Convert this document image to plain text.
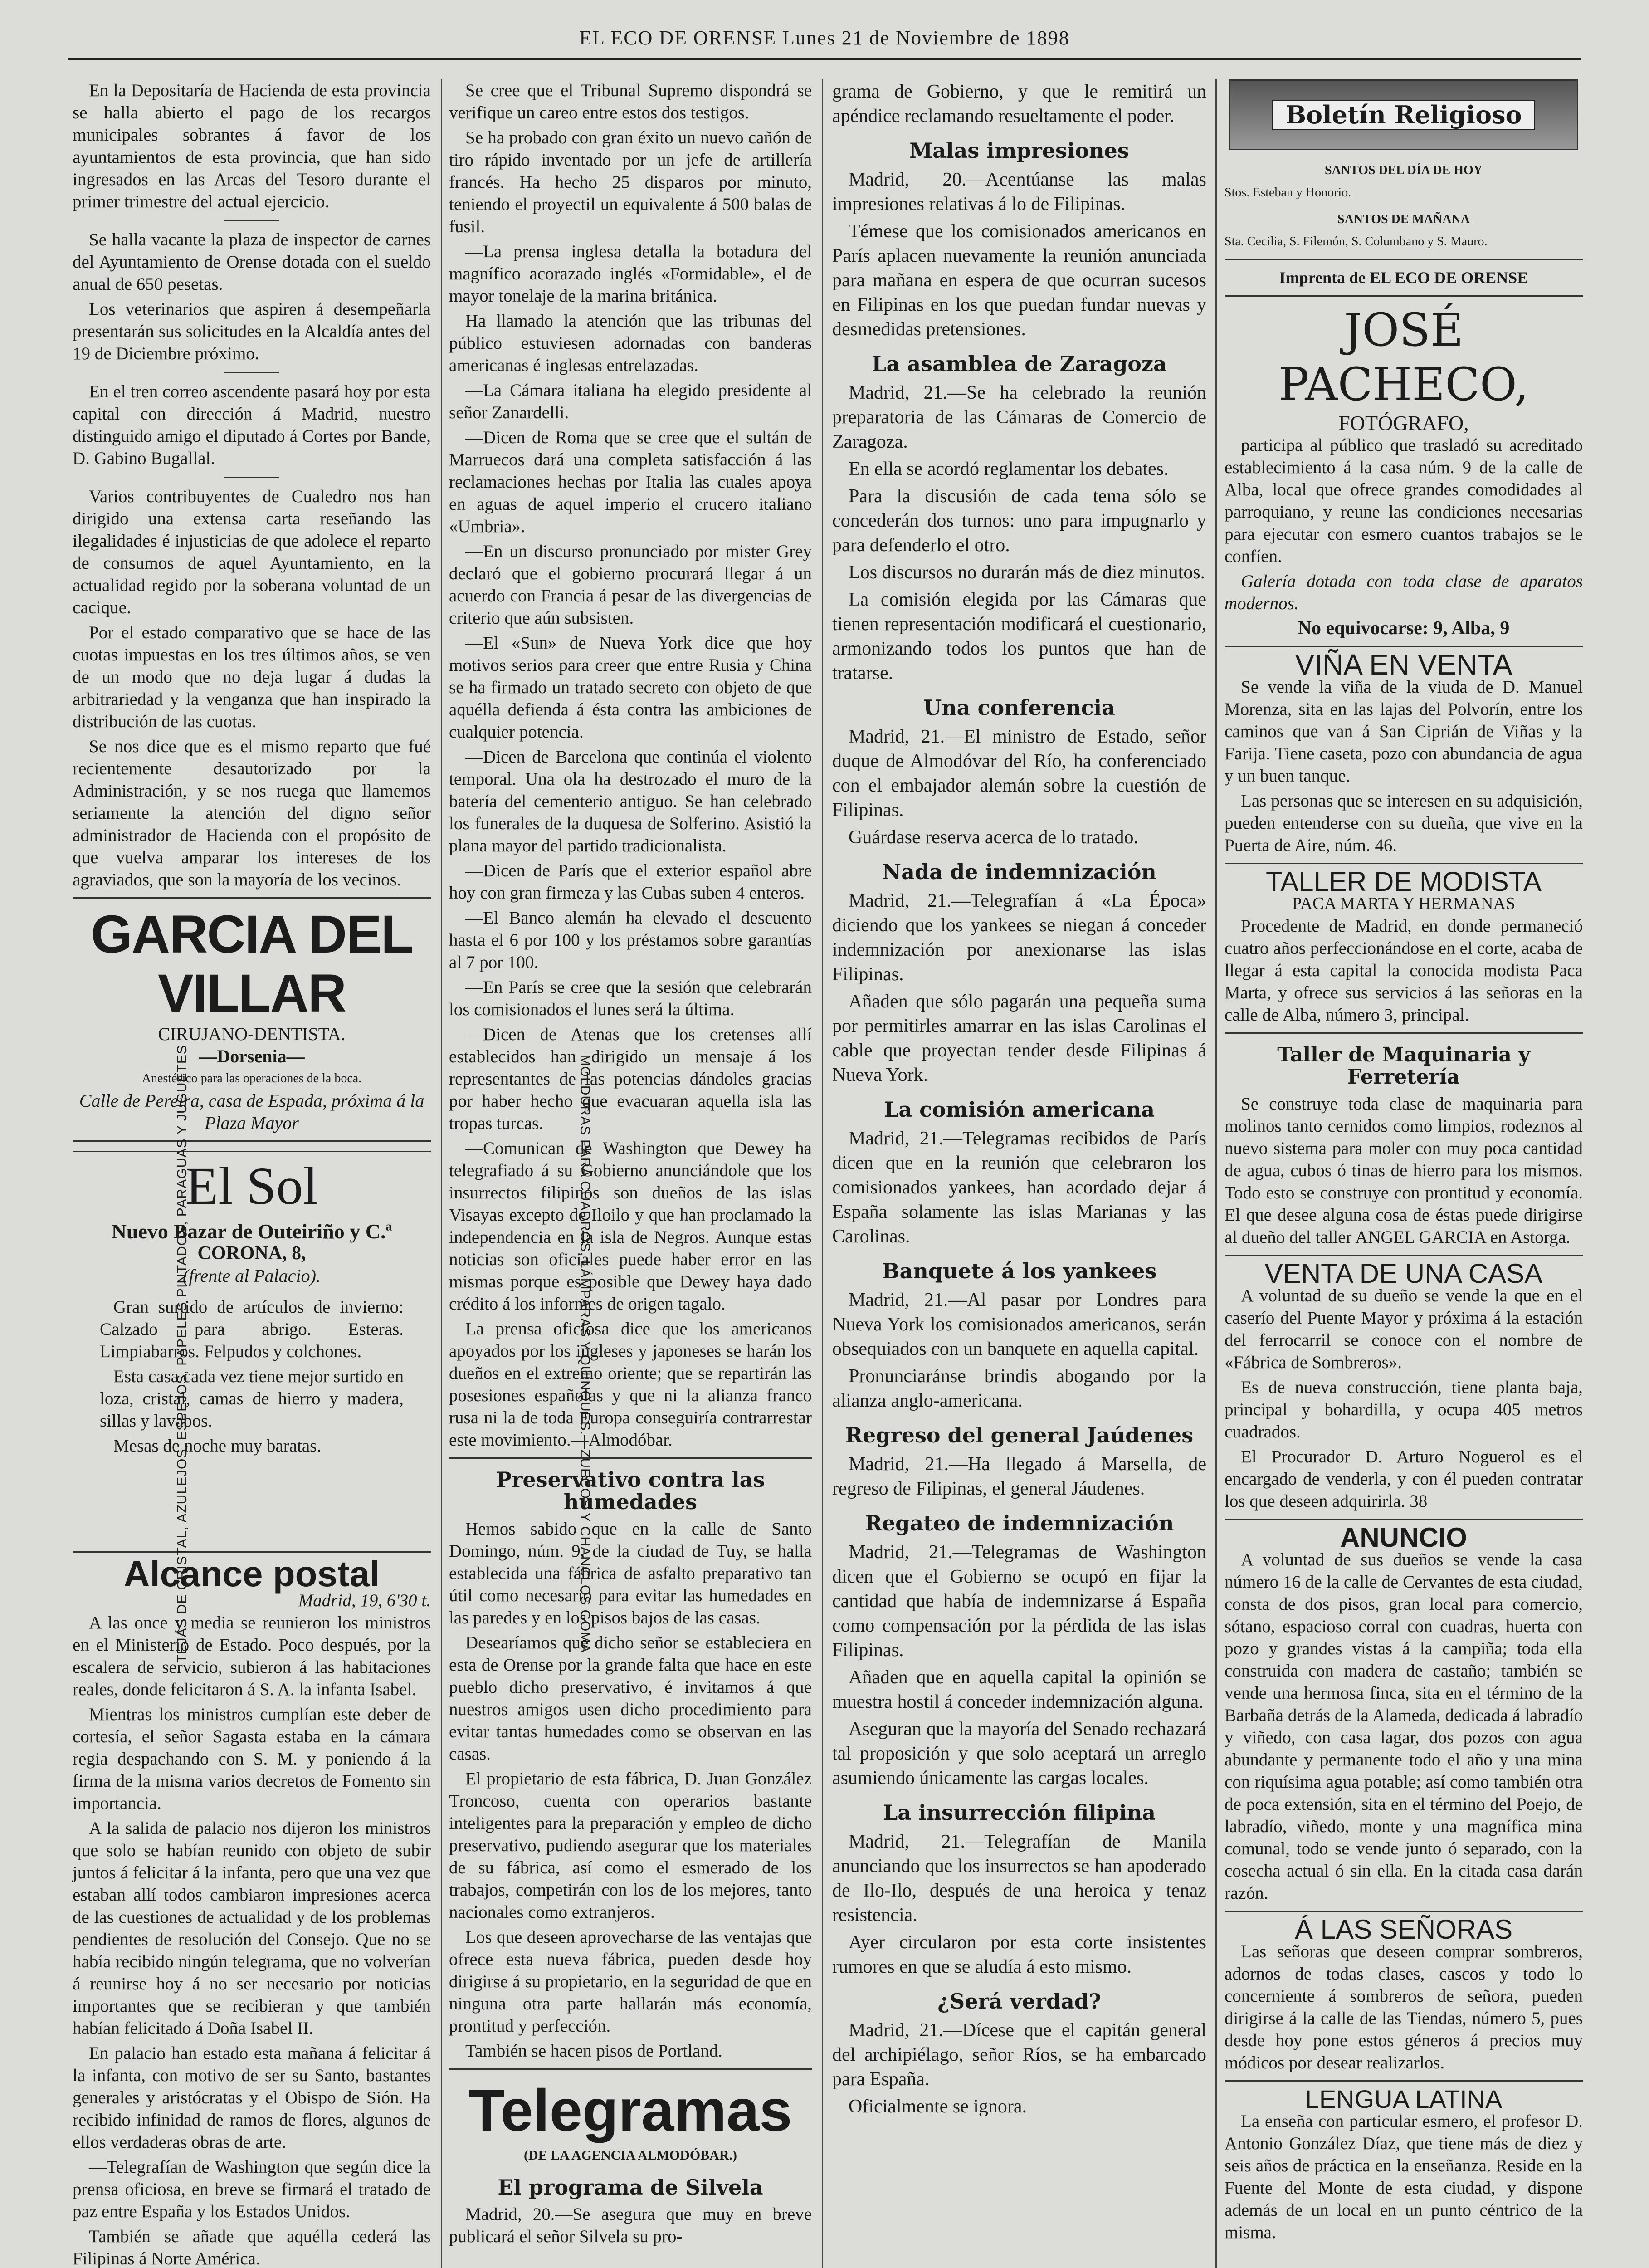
EL ECO DE ORENSE Lunes 21 de Noviembre de 1898

En la Depositaría de Hacienda de esta provincia se halla abierto el pago de los recargos municipales sobrantes á favor de los ayuntamientos de esta provincia, que han sido ingresados en las Arcas del Tesoro durante el primer trimestre del actual ejercicio.

Se halla vacante la plaza de inspector de carnes del Ayuntamiento de Orense dotada con el sueldo anual de 650 pesetas.

Los veterinarios que aspiren á desempeñarla presentarán sus solicitudes en la Alcaldía antes del 19 de Diciembre próximo.

En el tren correo ascendente pasará hoy por esta capital con dirección á Madrid, nuestro distinguido amigo el diputado á Cortes por Bande, D. Gabino Bugallal.

Varios contribuyentes de Cualedro nos han dirigido una extensa carta reseñando las ilegalidades é injusticias de que adolece el reparto de consumos de aquel Ayuntamiento, en la actualidad regido por la soberana voluntad de un cacique.

Por el estado comparativo que se hace de las cuotas impuestas en los tres últimos años, se ven de un modo que no deja lugar á dudas la arbitrariedad y la venganza que han inspirado la distribución de las cuotas.

Se nos dice que es el mismo reparto que fué recientemente desautorizado por la Administración, y se nos ruega que llamemos seriamente la atención del digno señor administrador de Hacienda con el propósito de que vuelva amparar los intereses de los agraviados, que son la mayoría de los vecinos.

GARCIA DEL VILLAR
CIRUJANO-DENTISTA.
—Dorsenia—
Anestésico para las operaciones de la boca.
Calle de Pereira, casa de Espada, próxima á la Plaza Mayor
TEJAS DE CRISTAL, AZULEJOS, ESPEJOS, PAPELES PINTADOS, PARAGUAS Y JUGUETES	MOLDURAS PARA CUADROS, LÁMPARAS Y QUINQUÉS.—ZUECOS Y CHANCLOS GOMA
El Sol
Nuevo Bazar de Outeiriño y C.ª
CORONA, 8,
(frente al Palacio).

Gran surtido de artículos de invierno: Calzado para abrigo. Esteras. Limpiabarros. Felpudos y colchones.

Esta casa cada vez tiene mejor surtido en loza, cristal, camas de hierro y madera, sillas y lavabos.

Mesas de noche muy baratas.

Alcance postal
Madrid, 19, 6'30 t.

A las once y media se reunieron los ministros en el Ministerio de Estado. Poco después, por la escalera de servicio, subieron á las habitaciones reales, donde felicitaron á S. A. la infanta Isabel.

Mientras los ministros cumplían este deber de cortesía, el señor Sagasta estaba en la cámara regia despachando con S. M. y poniendo á la firma de la misma varios decretos de Fomento sin importancia.

A la salida de palacio nos dijeron los ministros que solo se habían reunido con objeto de subir juntos á felicitar á la infanta, pero que una vez que estaban allí todos cambiaron impresiones acerca de las cuestiones de actualidad y de los problemas pendientes de resolución del Consejo. Que no se había recibido ningún telegrama, que no volverían á reunirse hoy á no ser necesario por noticias importantes que se recibieran y que también habían felicitado á Doña Isabel II.

En palacio han estado esta mañana á felicitar á la infanta, con motivo de ser su Santo, bastantes generales y aristócratas y el Obispo de Sión. Ha recibido infinidad de ramos de flores, algunos de ellos verdaderas obras de arte.

—Telegrafían de Washington que según dice la prensa oficiosa, en breve se firmará el tratado de paz entre España y los Estados Unidos.

También se añade que aquélla cederá las Filipinas á Norte América.

Se cree que el Tribunal Supremo dispondrá se verifique un careo entre estos dos testigos.

Se ha probado con gran éxito un nuevo cañón de tiro rápido inventado por un jefe de artillería francés. Ha hecho 25 disparos por minuto, teniendo el proyectil un equivalente á 500 balas de fusil.

—La prensa inglesa detalla la botadura del magnífico acorazado inglés «Formidable», el de mayor tonelaje de la marina británica.

Ha llamado la atención que las tribunas del público estuviesen adornadas con banderas americanas é inglesas entrelazadas.

—La Cámara italiana ha elegido presidente al señor Zanardelli.

—Dicen de Roma que se cree que el sultán de Marruecos dará una completa satisfacción á las reclamaciones hechas por Italia las cuales apoya en aguas de aquel imperio el crucero italiano «Umbria».

—En un discurso pronunciado por mister Grey declaró que el gobierno procurará llegar á un acuerdo con Francia á pesar de las divergencias de criterio que aún subsisten.

—El «Sun» de Nueva York dice que hoy motivos serios para creer que entre Rusia y China se ha firmado un tratado secreto con objeto de que aquélla defienda á ésta contra las ambiciones de cualquier potencia.

—Dicen de Barcelona que continúa el violento temporal. Una ola ha destrozado el muro de la batería del cementerio antiguo. Se han celebrado los funerales de la duquesa de Solferino. Asistió la plana mayor del partido tradicionalista.

—Dicen de París que el exterior español abre hoy con gran firmeza y las Cubas suben 4 enteros.

—El Banco alemán ha elevado el descuento hasta el 6 por 100 y los préstamos sobre garantías al 7 por 100.

—En París se cree que la sesión que celebrarán los comisionados el lunes será la última.

—Dicen de Atenas que los cretenses allí establecidos han dirigido un mensaje á los representantes de las potencias dándoles gracias por haber hecho que evacuaran aquella isla las tropas turcas.

—Comunican de Washington que Dewey ha telegrafiado á su Gobierno anunciándole que los insurrectos filipinos son dueños de las islas Visayas excepto de Iloilo y que han proclamado la independencia en la isla de Negros. Aunque estas noticias son oficiales puede haber error en las mismas porque es posible que Dewey haya dado crédito á los informes de origen tagalo.

La prensa oficiosa dice que los americanos apoyados por los ingleses y japoneses se harán los dueños en el extremo oriente; que se repartirán las posesiones españolas y que ni la alianza franco rusa ni la de toda Europa conseguiría contrarrestar este movimiento.—Almodóbar.

Preservativo contra las humedades

Hemos sabido que en la calle de Santo Domingo, núm. 9, de la ciudad de Tuy, se halla establecida una fábrica de asfalto preparativo tan útil como necesario para evitar las humedades en las paredes y en los pisos bajos de las casas.

Desearíamos que dicho señor se estableciera en esta de Orense por la grande falta que hace en este pueblo dicho preservativo, é invitamos á que nuestros amigos usen dicho procedimiento para evitar tantas humedades como se observan en las casas.

El propietario de esta fábrica, D. Juan González Troncoso, cuenta con operarios bastante inteligentes para la preparación y empleo de dicho preservativo, pudiendo asegurar que los materiales de su fábrica, así como el esmerado de los trabajos, competirán con los de los mejores, tanto nacionales como extranjeros.

Los que deseen aprovecharse de las ventajas que ofrece esta nueva fábrica, pueden desde hoy dirigirse á su propietario, en la seguridad de que en ninguna otra parte hallarán más economía, prontitud y perfección.

También se hacen pisos de Portland.

Telegramas
(DE LA AGENCIA ALMODÓBAR.)
El programa de Silvela

Madrid, 20.—Se asegura que muy en breve publicará el señor Silvela su pro-

grama de Gobierno, y que le remitirá un apéndice reclamando resueltamente el poder.

Malas impresiones

Madrid, 20.—Acentúanse las malas impresiones relativas á lo de Filipinas.

Témese que los comisionados americanos en París aplacen nuevamente la reunión anunciada para mañana en espera de que ocurran sucesos en Filipinas en los que puedan fundar nuevas y desmedidas pretensiones.

La asamblea de Zaragoza

Madrid, 21.—Se ha celebrado la reunión preparatoria de las Cámaras de Comercio de Zaragoza.

En ella se acordó reglamentar los debates.

Para la discusión de cada tema sólo se concederán dos turnos: uno para impugnarlo y para defenderlo el otro.

Los discursos no durarán más de diez minutos.

La comisión elegida por las Cámaras que tienen representación modificará el cuestionario, armonizando todos los puntos que han de tratarse.

Una conferencia

Madrid, 21.—El ministro de Estado, señor duque de Almodóvar del Río, ha conferenciado con el embajador alemán sobre la cuestión de Filipinas.

Guárdase reserva acerca de lo tratado.

Nada de indemnización

Madrid, 21.—Telegrafían á «La Época» diciendo que los yankees se niegan á conceder indemnización por anexionarse las islas Filipinas.

Añaden que sólo pagarán una pequeña suma por permitirles amarrar en las islas Carolinas el cable que proyectan tender desde Filipinas á Nueva York.

La comisión americana

Madrid, 21.—Telegramas recibidos de París dicen que en la reunión que celebraron los comisionados yankees, han acordado dejar á España solamente las islas Marianas y las Carolinas.

Banquete á los yankees

Madrid, 21.—Al pasar por Londres para Nueva York los comisionados americanos, serán obsequiados con un banquete en aquella capital.

Pronunciaránse brindis abogando por la alianza anglo-americana.

Regreso del general Jaúdenes

Madrid, 21.—Ha llegado á Marsella, de regreso de Filipinas, el general Jáudenes.

Regateo de indemnización

Madrid, 21.—Telegramas de Washington dicen que el Gobierno se ocupó en fijar la cantidad que había de indemnizarse á España como compensación por la pérdida de las islas Filipinas.

Añaden que en aquella capital la opinión se muestra hostil á conceder indemnización alguna.

Aseguran que la mayoría del Senado rechazará tal proposición y que solo aceptará un arreglo asumiendo únicamente las cargas locales.

La insurrección filipina

Madrid, 21.—Telegrafían de Manila anunciando que los insurrectos se han apoderado de Ilo-Ilo, después de una heroica y tenaz resistencia.

Ayer circularon por esta corte insistentes rumores en que se aludía á esto mismo.

¿Será verdad?

Madrid, 21.—Dícese que el capitán general del archipiélago, señor Ríos, se ha embarcado para España.

Oficialmente se ignora.

Boletín Religioso
SANTOS DEL DÍA DE HOY
Stos. Esteban y Honorio.
SANTOS DE MAÑANA
Sta. Cecilia, S. Filemón, S. Columbano y S. Mauro.
Imprenta de EL ECO DE ORENSE
JOSÉ PACHECO,
FOTÓGRAFO,

participa al público que trasladó su acreditado establecimiento á la casa núm. 9 de la calle de Alba, local que ofrece grandes comodidades al parroquiano, y reune las condiciones necesarias para ejecutar con esmero cuantos trabajos se le confíen.

Galería dotada con toda clase de aparatos modernos.

No equivocarse: 9, Alba, 9
VIÑA EN VENTA

Se vende la viña de la viuda de D. Manuel Morenza, sita en las lajas del Polvorín, entre los caminos que van á San Ciprián de Viñas y la Farija. Tiene caseta, pozo con abundancia de agua y un buen tanque.

Las personas que se interesen en su adquisición, pueden entenderse con su dueña, que vive en la Puerta de Aire, núm. 46.

TALLER DE MODISTA
PACA MARTA Y HERMANAS

Procedente de Madrid, en donde permaneció cuatro años perfeccionándose en el corte, acaba de llegar á esta capital la conocida modista Paca Marta, y ofrece sus servicios á las señoras en la calle de Alba, número 3, principal.

Taller de Maquinaria y Ferretería

Se construye toda clase de maquinaria para molinos tanto cernidos como limpios, rodeznos al nuevo sistema para moler con muy poca cantidad de agua, cubos ó tinas de hierro para los mismos. Todo esto se construye con prontitud y economía. El que desee alguna cosa de éstas puede dirigirse al dueño del taller ANGEL GARCIA en Astorga.

VENTA DE UNA CASA

A voluntad de su dueño se vende la que en el caserío del Puente Mayor y próxima á la estación del ferrocarril se conoce con el nombre de «Fábrica de Sombreros».

Es de nueva construcción, tiene planta baja, principal y bohardilla, y ocupa 405 metros cuadrados.

El Procurador D. Arturo Noguerol es el encargado de venderla, y con él pueden contratar los que deseen adquirirla. 38

ANUNCIO

A voluntad de sus dueños se vende la casa número 16 de la calle de Cervantes de esta ciudad, consta de dos pisos, gran local para comercio, sótano, espacioso corral con cuadras, huerta con pozo y grandes vistas á la campiña; toda ella construida con madera de castaño; también se vende una hermosa finca, sita en el término de la Barbaña detrás de la Alameda, dedicada á labradío y viñedo, con casa lagar, dos pozos con agua abundante y permanente todo el año y una mina con riquísima agua potable; así como también otra de poca extensión, sita en el término del Poejo, de labradío, viñedo, monte y una magnífica mina comunal, todo se vende junto ó separado, con la cosecha actual ó sin ella. En la citada casa darán razón.

Á LAS SEÑORAS

Las señoras que deseen comprar sombreros, adornos de todas clases, cascos y todo lo concerniente á sombreros de señora, pueden dirigirse á la calle de las Tiendas, número 5, pues desde hoy pone estos géneros á precios muy módicos por desear realizarlos.

LENGUA LATINA

La enseña con particular esmero, el profesor D. Antonio González Díaz, que tiene más de diez y seis años de práctica en la enseñanza. Reside en la Fuente del Monte de esta ciudad, y dispone además de un local en un punto céntrico de la misma.
